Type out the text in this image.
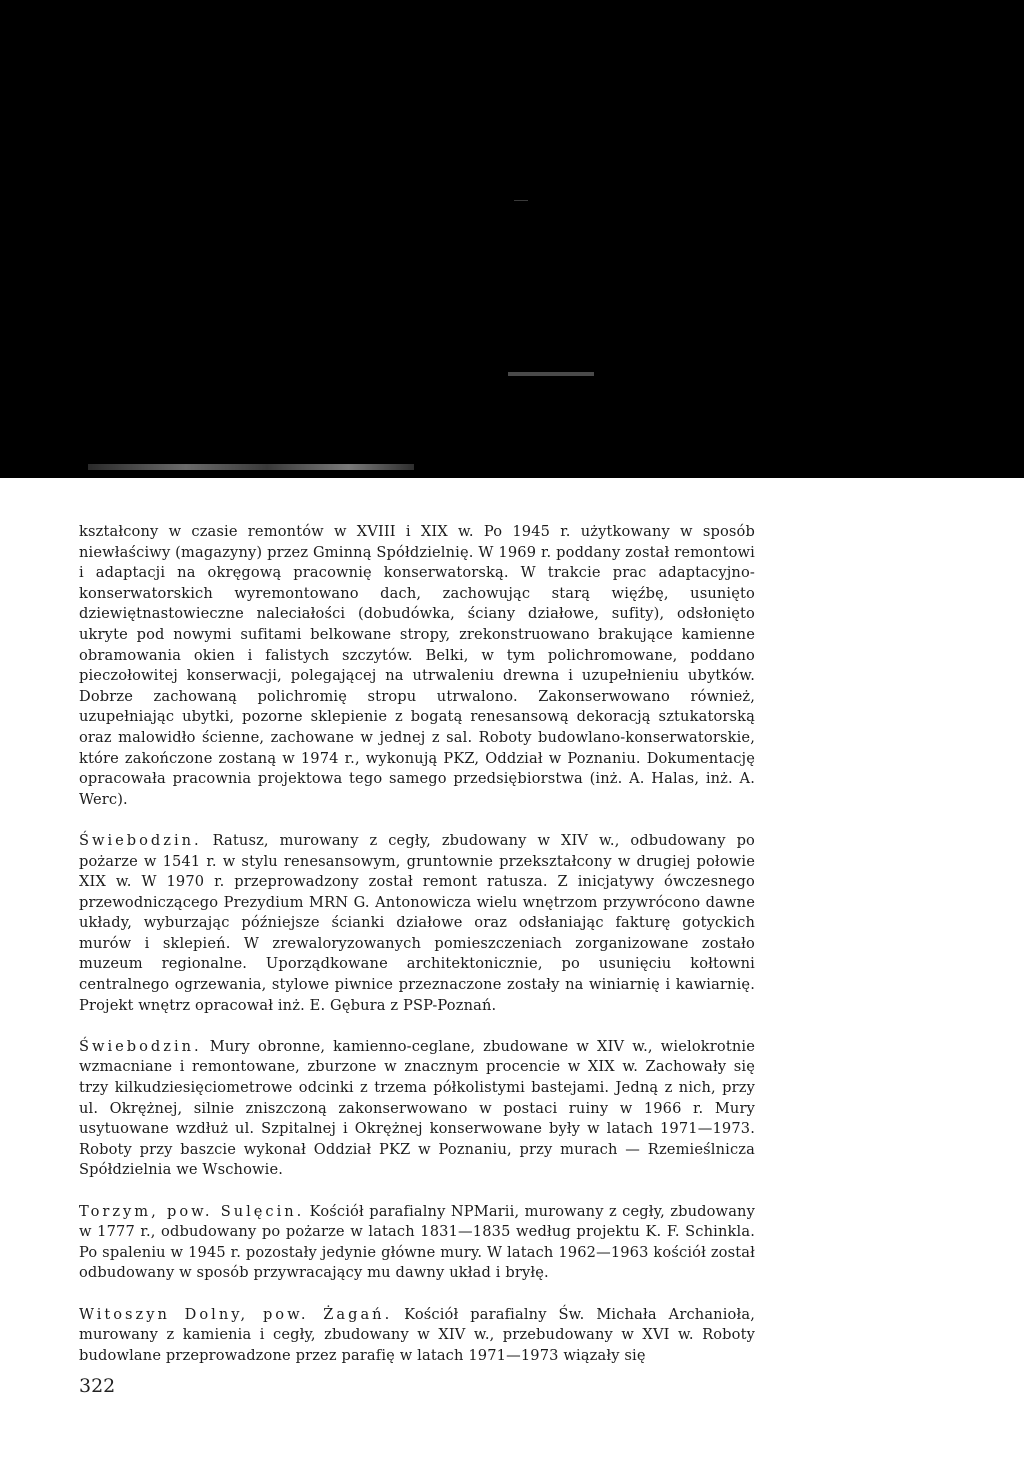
kształcony w czasie remontów w XVIII i XIX w. Po 1945 r. użytkowany w sposób niewłaściwy (magazyny) przez Gminną Spółdzielnię. W 1969 r. poddany został remontowi i adaptacji na okręgową pracownię konserwatorską. W trakcie prac adaptacyjno-konserwatorskich wyremontowano dach, zachowując starą więźbę, usunięto dziewiętnastowieczne naleciałości (dobudówka, ściany działowe, sufity), odsłonięto ukryte pod nowymi sufitami belkowane stropy, zrekonstruowano brakujące kamienne obramowania okien i falistych szczytów. Belki, w tym polichromowane, poddano pieczołowitej konserwacji, polegającej na utrwaleniu drewna i uzupełnieniu ubytków. Dobrze zachowaną polichromię stropu utrwalono. Zakonserwowano również, uzupełniając ubytki, pozorne sklepienie z bogatą renesansową dekoracją sztukatorską oraz malowidło ścienne, zachowane w jednej z sal. Roboty budowlano-konserwatorskie, które zakończone zostaną w 1974 r., wykonują PKZ, Oddział w Poznaniu. Dokumentację opracowała pracownia projektowa tego samego przedsiębiorstwa (inż. A. Halas, inż. A. Werc).

Świebodzin. Ratusz, murowany z cegły, zbudowany w XIV w., odbudowany po pożarze w 1541 r. w stylu renesansowym, gruntownie przekształcony w drugiej połowie XIX w. W 1970 r. przeprowadzony został remont ratusza. Z inicjatywy ówczesnego przewodniczącego Prezydium MRN G. Antonowicza wielu wnętrzom przywrócono dawne układy, wyburzając późniejsze ścianki działowe oraz odsłaniając fakturę gotyckich murów i sklepień. W zrewaloryzowanych pomieszczeniach zorganizowane zostało muzeum regionalne. Uporządkowane architektonicznie, po usunięciu kołtowni centralnego ogrzewania, stylowe piwnice przeznaczone zostały na winiarnię i kawiarnię. Projekt wnętrz opracował inż. E. Gębura z PSP-Poznań.

Świebodzin. Mury obronne, kamienno-ceglane, zbudowane w XIV w., wielokrotnie wzmacniane i remontowane, zburzone w znacznym procencie w XIX w. Zachowały się trzy kilkudziesięciometrowe odcinki z trzema półkolistymi bastejami. Jedną z nich, przy ul. Okrężnej, silnie zniszczoną zakonserwowano w postaci ruiny w 1966 r. Mury usytuowane wzdłuż ul. Szpitalnej i Okrężnej konserwowane były w latach 1971—1973. Roboty przy baszcie wykonał Oddział PKZ w Poznaniu, przy murach — Rzemieślnicza Spółdzielnia we Wschowie.

Torzym, pow. Sulęcin. Kościół parafialny NPMarii, murowany z cegły, zbudowany w 1777 r., odbudowany po pożarze w latach 1831—1835 według projektu K. F. Schinkla. Po spaleniu w 1945 r. pozostały jedynie główne mury. W latach 1962—1963 kościół został odbudowany w sposób przywracający mu dawny układ i bryłę.

Witoszyn Dolny, pow. Żagań. Kościół parafialny Św. Michała Archanioła, murowany z kamienia i cegły, zbudowany w XIV w., przebudowany w XVI w. Roboty budowlane przeprowadzone przez parafię w latach 1971—1973 wiązały się

322
